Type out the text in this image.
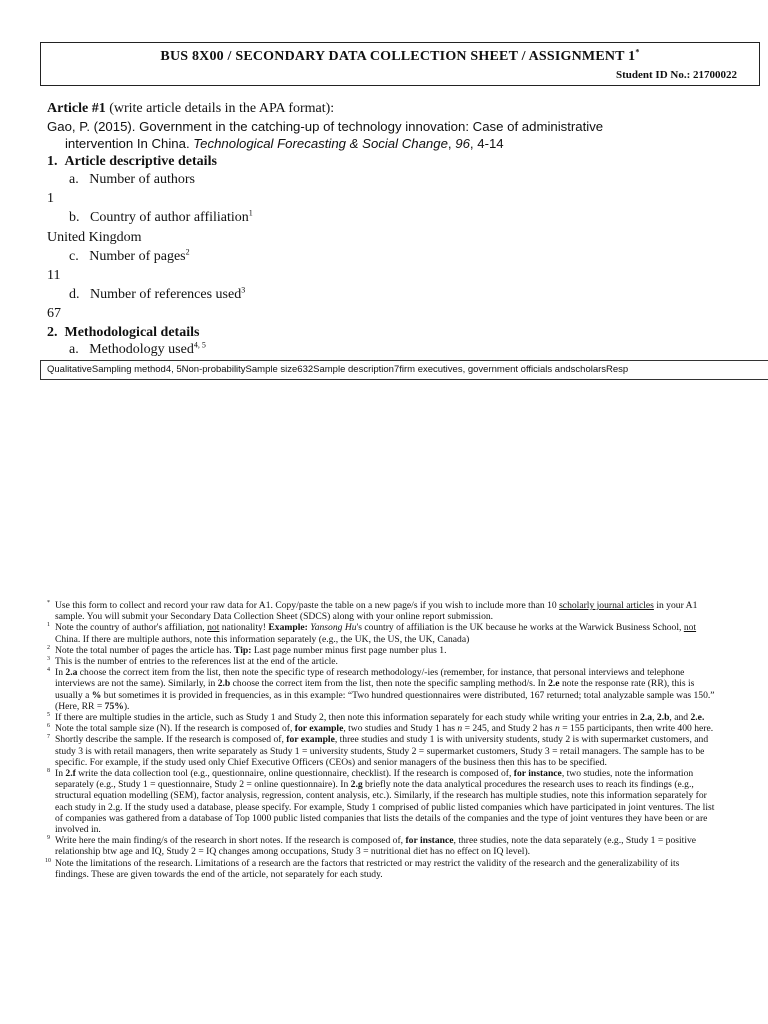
BUS 8X00 / SECONDARY DATA COLLECTION SHEET / ASSIGNMENT 1*
Student ID No.: 21700022
Article #1 (write article details in the APA format):
Gao, P. (2015). Government in the catching-up of technology innovation: Case of administrative
intervention In China. Technological Forecasting & Social Change, 96, 4-14
1. Article descriptive details
a. Number of authors
1
b. Country of author affiliation$^1$
United Kingdom
c. Number of pages$^2$
11
d. Number of references used$^3$
67
2. Methodological details
a. Methodology used$^{4, 5}$
QualitativeSampling method4, 5Non-probabilitySample size632Sample description7firm executives, government officials andscholarsResp

* Use this form to collect and record your raw data for A1. Copy/paste the table on a new page/s if you wish to include more than 10 scholarly journal articles in your A1 sample. You will submit your Secondary Data Collection Sheet (SDCS) along with your online report submission.

1 Note the country of author's affiliation, not nationality! Example: Yansong Hu's country of affiliation is the UK because he works at the Warwick Business School, not China. If there are multiple authors, note this information separately (e.g., the UK, the US, the UK, Canada)

2 Note the total number of pages the article has. Tip: Last page number minus first page number plus 1.

3 This is the number of entries to the references list at the end of the article.

4 In 2.a choose the correct item from the list, then note the specific type of research methodology/-ies (remember, for instance, that personal interviews and telephone interviews are not the same). Similarly, in 2.b choose the correct item from the list, then note the specific sampling method/s. In 2.e note the response rate (RR), this is usually a % but sometimes it is provided in frequencies, as in this example: “Two hundred questionnaires were distributed, 167 returned; total analyzable sample was 150.” (Here, RR = 75%).

5 If there are multiple studies in the article, such as Study 1 and Study 2, then note this information separately for each study while writing your entries in 2.a, 2.b, and 2.e.

6 Note the total sample size (N). If the research is composed of, for example, two studies and Study 1 has n = 245, and Study 2 has n = 155 participants, then write 400 here.

7 Shortly describe the sample. If the research is composed of, for example, three studies and study 1 is with university students, study 2 is with supermarket customers, and study 3 is with retail managers, then write separately as Study 1 = university students, Study 2 = supermarket customers, Study 3 = retail managers. The sample has to be specific. For example, if the study used only Chief Executive Officers (CEOs) and senior managers of the business then this has to be specified.

8 In 2.f write the data collection tool (e.g., questionnaire, online questionnaire, checklist). If the research is composed of, for instance, two studies, note the information separately (e.g., Study 1 = questionnaire, Study 2 = online questionnaire). In 2.g briefly note the data analytical procedures the research uses to reach its findings (e.g., structural equation modelling (SEM), factor analysis, regression, content analysis, etc.). Similarly, if the research has multiple studies, note this information separately for each study in 2.g. If the study used a database, please specify. For example, Study 1 comprised of public listed companies which have participated in joint ventures. The list of companies was gathered from a database of Top 1000 public listed companies that lists the details of the companies and the type of joint ventures they have been or are involved in.

9 Write here the main finding/s of the research in short notes. If the research is composed of, for instance, three studies, note the data separately (e.g., Study 1 = positive relationship btw age and IQ, Study 2 = IQ changes among occupations, Study 3 = nutritional diet has no effect on IQ level).

10 Note the limitations of the research. Limitations of a research are the factors that restricted or may restrict the validity of the research and the generalizability of its findings. These are given towards the end of the article, not separately for each study.
